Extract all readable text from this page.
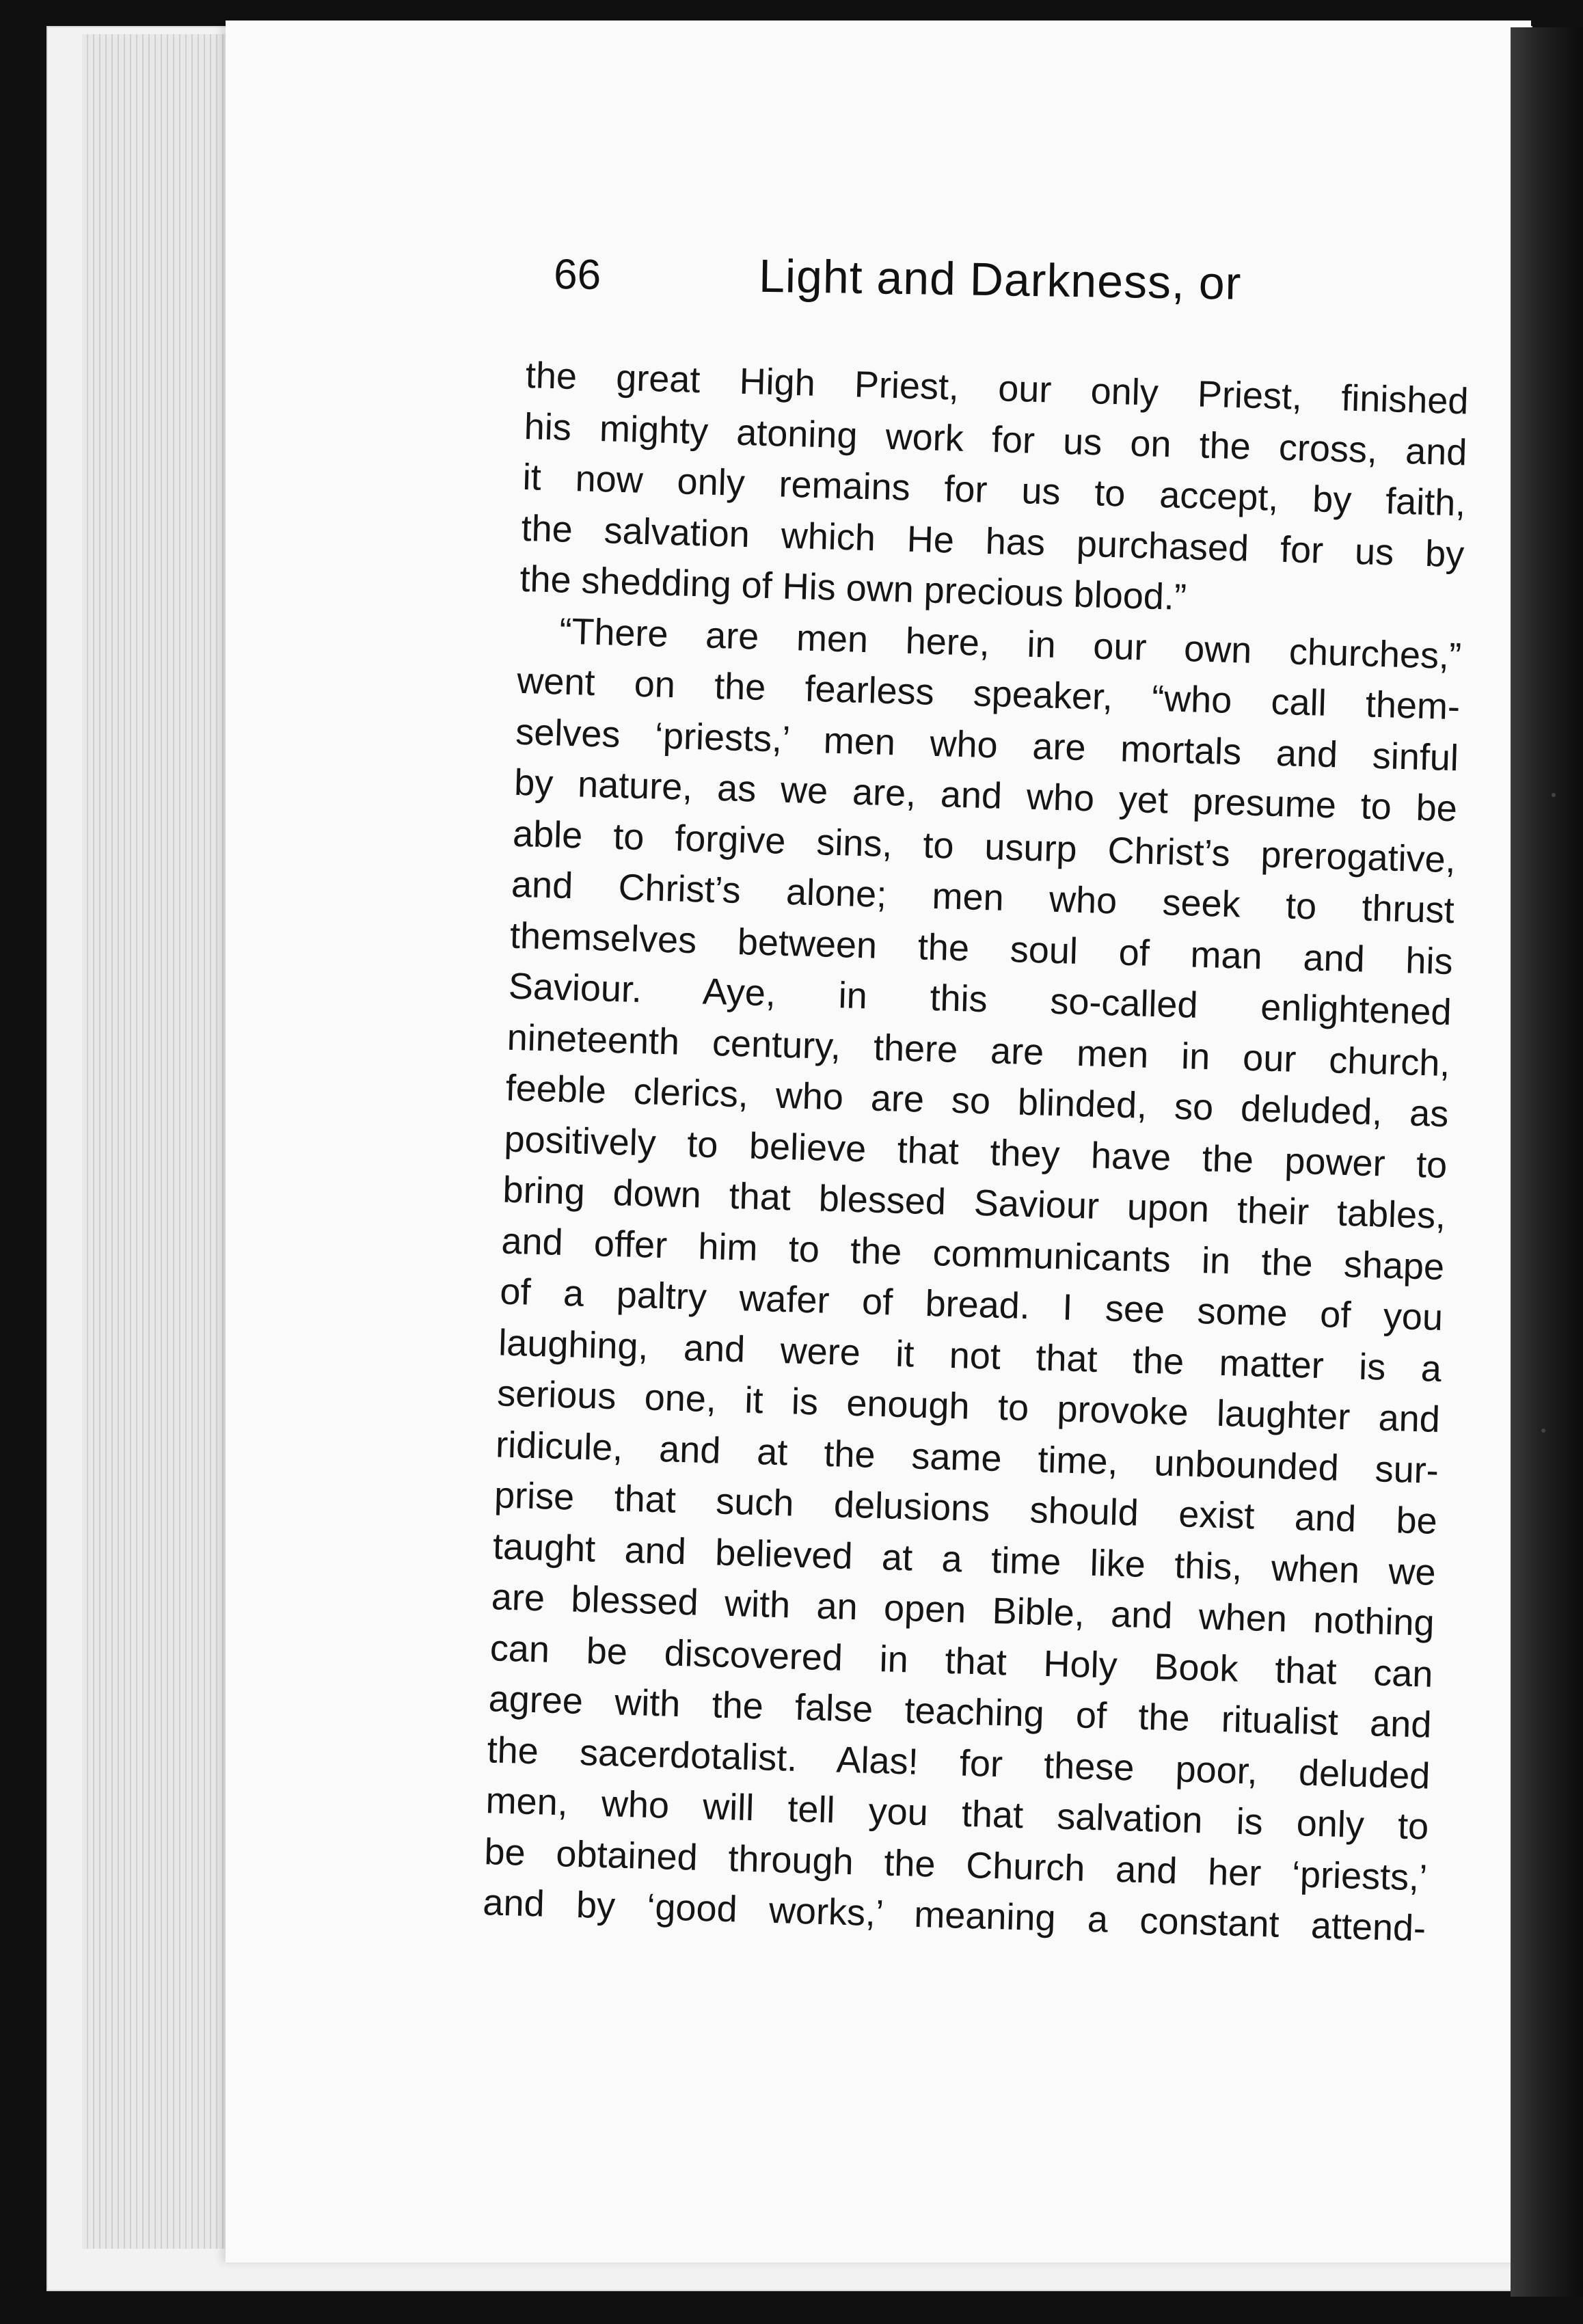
66	Light and Darkness, or
the great High Priest, our only Priest, finished
his mighty atoning work for us on the cross, and
it now only remains for us to accept, by faith,
the salvation which He has purchased for us by
the shedding of His own precious blood.”
“There are men here, in our own churches,”
went on the fearless speaker, “who call them-
selves ‘priests,’ men who are mortals and sinful
by nature, as we are, and who yet presume to be
able to forgive sins, to usurp Christ’s prerogative,
and Christ’s alone; men who seek to thrust
themselves between the soul of man and his
Saviour. Aye, in this so-called enlightened
nineteenth century, there are men in our church,
feeble clerics, who are so blinded, so deluded, as
positively to believe that they have the power to
bring down that blessed Saviour upon their tables,
and offer him to the communicants in the shape
of a paltry wafer of bread. I see some of you
laughing, and were it not that the matter is a
serious one, it is enough to provoke laughter and
ridicule, and at the same time, unbounded sur-
prise that such delusions should exist and be
taught and believed at a time like this, when we
are blessed with an open Bible, and when nothing
can be discovered in that Holy Book that can
agree with the false teaching of the ritualist and
the sacerdotalist. Alas! for these poor, deluded
men, who will tell you that salvation is only to
be obtained through the Church and her ‘priests,’
and by ‘good works,’ meaning a constant attend-
